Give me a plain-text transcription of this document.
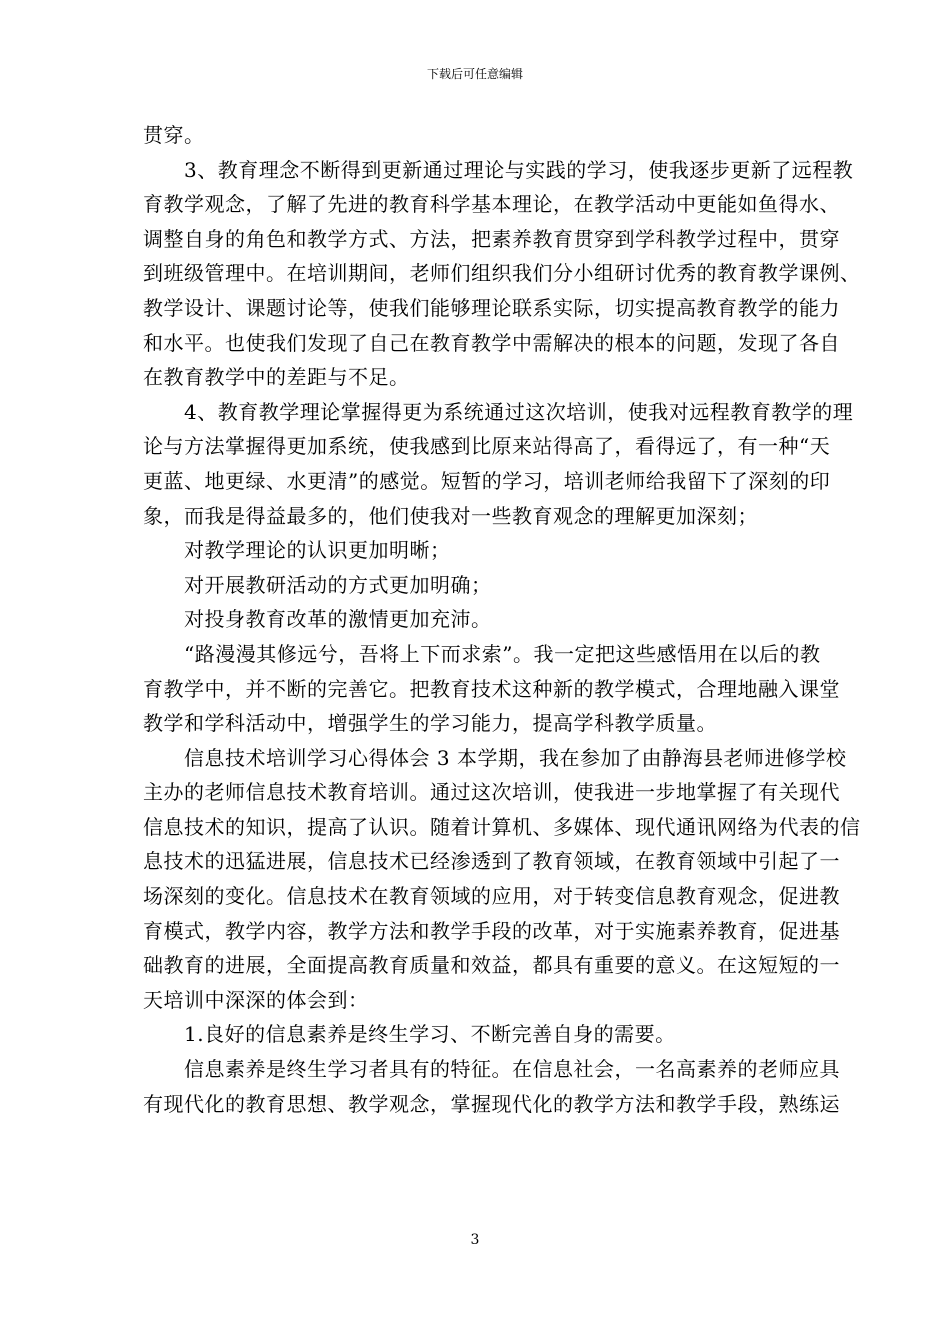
下载后可任意编辑
贯穿。
3、教育理念不断得到更新通过理论与实践的学习，使我逐步更新了远程教
育教学观念，了解了先进的教育科学基本理论，在教学活动中更能如鱼得水、
调整自身的角色和教学方式、方法，把素养教育贯穿到学科教学过程中，贯穿
到班级管理中。在培训期间，老师们组织我们分小组研讨优秀的教育教学课例、
教学设计、课题讨论等，使我们能够理论联系实际，切实提高教育教学的能力
和水平。也使我们发现了自己在教育教学中需解决的根本的问题，发现了各自
在教育教学中的差距与不足。
4、教育教学理论掌握得更为系统通过这次培训，使我对远程教育教学的理
论与方法掌握得更加系统，使我感到比原来站得高了，看得远了，有一种“天
更蓝、地更绿、水更清”的感觉。短暂的学习，培训老师给我留下了深刻的印
象，而我是得益最多的，他们使我对一些教育观念的理解更加深刻；
对教学理论的认识更加明晰；
对开展教研活动的方式更加明确；
对投身教育改革的激情更加充沛。
“路漫漫其修远兮，吾将上下而求索”。我一定把这些感悟用在以后的教
育教学中，并不断的完善它。把教育技术这种新的教学模式，合理地融入课堂
教学和学科活动中，增强学生的学习能力，提高学科教学质量。
信息技术培训学习心得体会 3 本学期，我在参加了由静海县老师进修学校
主办的老师信息技术教育培训。通过这次培训，使我进一步地掌握了有关现代
信息技术的知识，提高了认识。随着计算机、多媒体、现代通讯网络为代表的信
息技术的迅猛进展，信息技术已经渗透到了教育领域，在教育领域中引起了一
场深刻的变化。信息技术在教育领域的应用，对于转变信息教育观念，促进教
育模式，教学内容，教学方法和教学手段的改革，对于实施素养教育，促进基
础教育的进展，全面提高教育质量和效益，都具有重要的意义。在这短短的一
天培训中深深的体会到：
1.良好的信息素养是终生学习、不断完善自身的需要。
信息素养是终生学习者具有的特征。在信息社会，一名高素养的老师应具
有现代化的教育思想、教学观念，掌握现代化的教学方法和教学手段，熟练运
3
